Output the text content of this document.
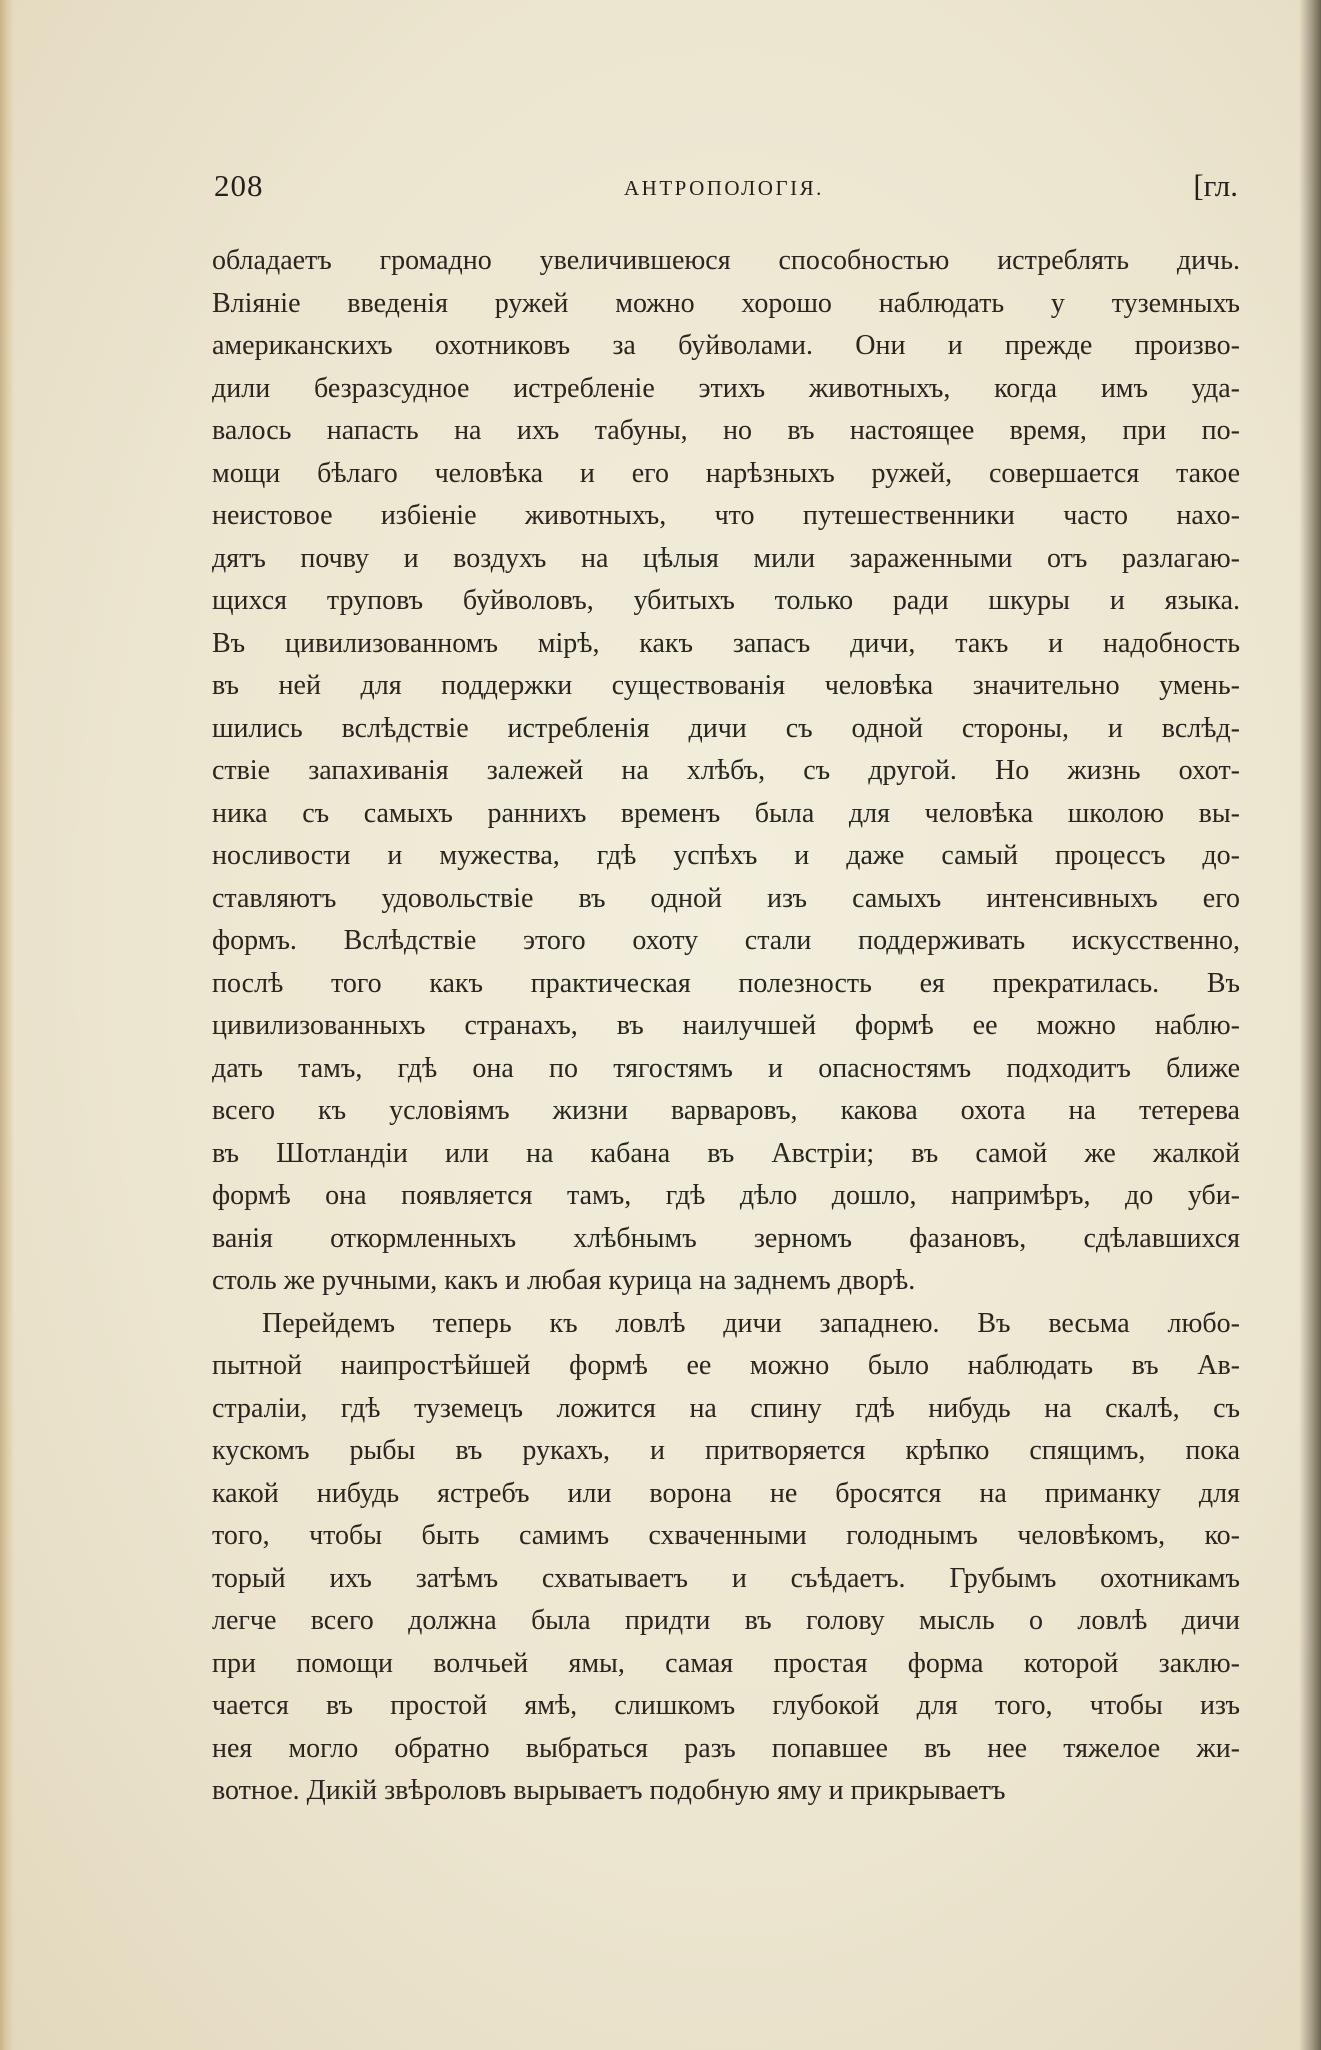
208	АНТРОПОЛОГІЯ.	[гл.
обладаетъ громадно увеличившеюся способностью истреблять дичь.
Вліяніе введенія ружей можно хорошо наблюдать у туземныхъ
американскихъ охотниковъ за буйволами. Они и прежде произво-
дили безразсудное истребленіе этихъ животныхъ, когда имъ уда-
валось напасть на ихъ табуны, но въ настоящее время, при по-
мощи бѣлаго человѣка и его нарѣзныхъ ружей, совершается такое
неистовое избіеніе животныхъ, что путешественники часто нахо-
дятъ почву и воздухъ на цѣлыя мили зараженными отъ разлагаю-
щихся труповъ буйволовъ, убитыхъ только ради шкуры и языка.
Въ цивилизованномъ мірѣ, какъ запасъ дичи, такъ и надобность
въ ней для поддержки существованія человѣка значительно умень-
шились вслѣдствіе истребленія дичи съ одной стороны, и вслѣд-
ствіе запахиванія залежей на хлѣбъ, съ другой. Но жизнь охот-
ника съ самыхъ раннихъ временъ была для человѣка школою вы-
носливости и мужества, гдѣ успѣхъ и даже самый процессъ до-
ставляютъ удовольствіе въ одной изъ самыхъ интенсивныхъ его
формъ. Вслѣдствіе этого охоту стали поддерживать искусственно,
послѣ того какъ практическая полезность ея прекратилась. Въ
цивилизованныхъ странахъ, въ наилучшей формѣ ее можно наблю-
дать тамъ, гдѣ она по тягостямъ и опасностямъ подходитъ ближе
всего къ условіямъ жизни варваровъ, какова охота на тетерева
въ Шотландіи или на кабана въ Австріи; въ самой же жалкой
формѣ она появляется тамъ, гдѣ дѣло дошло, напримѣръ, до уби-
ванія откормленныхъ хлѣбнымъ зерномъ фазановъ, сдѣлавшихся
столь же ручными, какъ и любая курица на заднемъ дворѣ.
Перейдемъ теперь къ ловлѣ дичи западнею. Въ весьма любо-
пытной наипростѣйшей формѣ ее можно было наблюдать въ Ав-
страліи, гдѣ туземецъ ложится на спину гдѣ нибудь на скалѣ, съ
кускомъ рыбы въ рукахъ, и притворяется крѣпко спящимъ, пока
какой нибудь ястребъ или ворона не бросятся на приманку для
того, чтобы быть самимъ схваченными голоднымъ человѣкомъ, ко-
торый ихъ затѣмъ схватываетъ и съѣдаетъ. Грубымъ охотникамъ
легче всего должна была придти въ голову мысль о ловлѣ дичи
при помощи волчьей ямы, самая простая форма которой заклю-
чается въ простой ямѣ, слишкомъ глубокой для того, чтобы изъ
нея могло обратно выбраться разъ попавшее въ нее тяжелое жи-
вотное. Дикій звѣроловъ вырываетъ подобную яму и прикрываетъ
